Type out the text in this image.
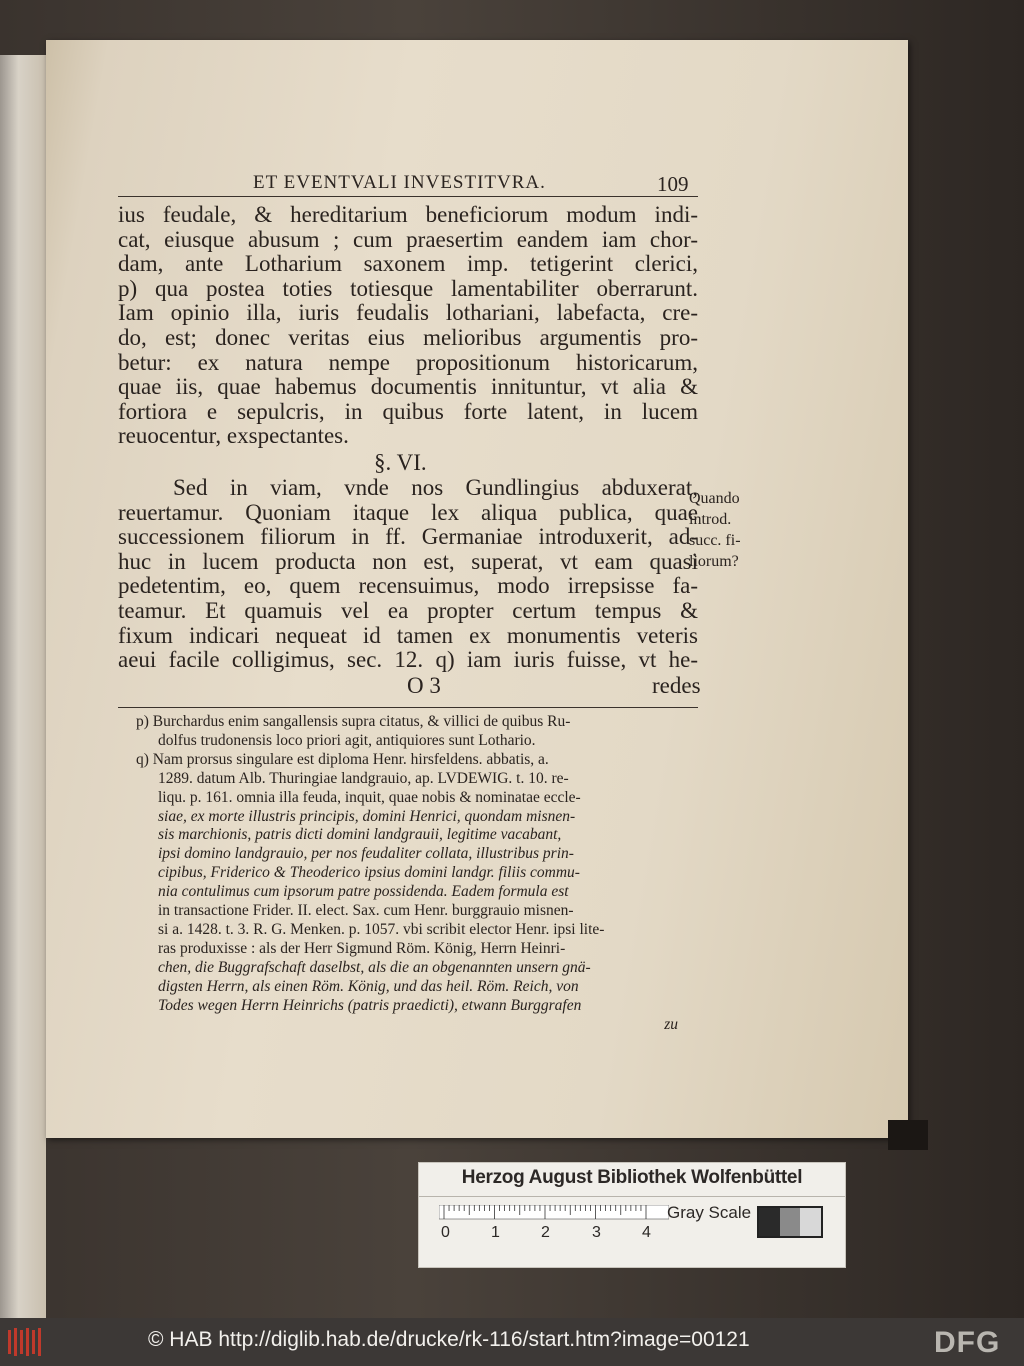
ET EVENTVALI INVESTITVRA.	109
ius feudale, & hereditarium beneficiorum modum indi-
cat, eiusque abusum ; cum praesertim eandem iam chor-
dam, ante Lotharium saxonem imp. tetigerint clerici,
p) qua postea toties totiesque lamentabiliter oberrarunt.
Iam opinio illa, iuris feudalis lothariani, labefacta, cre-
do, est; donec veritas eius melioribus argumentis pro-
betur: ex natura nempe propositionum historicarum,
quae iis, quae habemus documentis innituntur, vt alia &
fortiora e sepulcris, in quibus forte latent, in lucem
reuocentur, exspectantes.
§. VI.
Sed in viam, vnde nos Gundlingius abduxerat,
reuertamur. Quoniam itaque lex aliqua publica, quae
successionem filiorum in ff. Germaniae introduxerit, ad-
huc in lucem producta non est, superat, vt eam quasi
pedetentim, eo, quem recensuimus, modo irrepsisse fa-
teamur. Et quamuis vel ea propter certum tempus &
fixum indicari nequeat id tamen ex monumentis veteris
aeui facile colligimus, sec. 12. q) iam iuris fuisse, vt he-
Quando
introd.
succ. fi-
liorum?
O 3	redes
p) Burchardus enim sangallensis supra citatus, & villici de quibus Ru-
dolfus trudonensis loco priori agit, antiquiores sunt Lothario.
q) Nam prorsus singulare est diploma Henr. hirsfeldens. abbatis, a.
1289. datum Alb. Thuringiae landgrauio, ap. LVDEWIG. t. 10. re-
liqu. p. 161. omnia illa feuda, inquit, quae nobis & nominatae eccle-
siae, ex morte illustris principis, domini Henrici, quondam misnen-
sis marchionis, patris dicti domini landgrauii, legitime vacabant,
ipsi domino landgrauio, per nos feudaliter collata, illustribus prin-
cipibus, Friderico & Theoderico ipsius domini landgr. filiis commu-
nia contulimus cum ipsorum patre possidenda. Eadem formula est
in transactione Frider. II. elect. Sax. cum Henr. burggrauio misnen-
si a. 1428. t. 3. R. G. Menken. p. 1057. vbi scribit elector Henr. ipsi lite-
ras produxisse : als der Herr Sigmund Röm. König, Herrn Heinri-
chen, die Buggrafschaft daselbst, als die an obgenannten unsern gnä-
digsten Herrn, als einen Röm. König, und das heil. Röm. Reich, von
Todes wegen Herrn Heinrichs (patris praedicti), etwann Burggrafen
zu
Herzog August Bibliothek Wolfenbüttel
0	1	2	3	4
Gray Scale
© HAB http://diglib.hab.de/drucke/rk-116/start.htm?image=00121	DFG
